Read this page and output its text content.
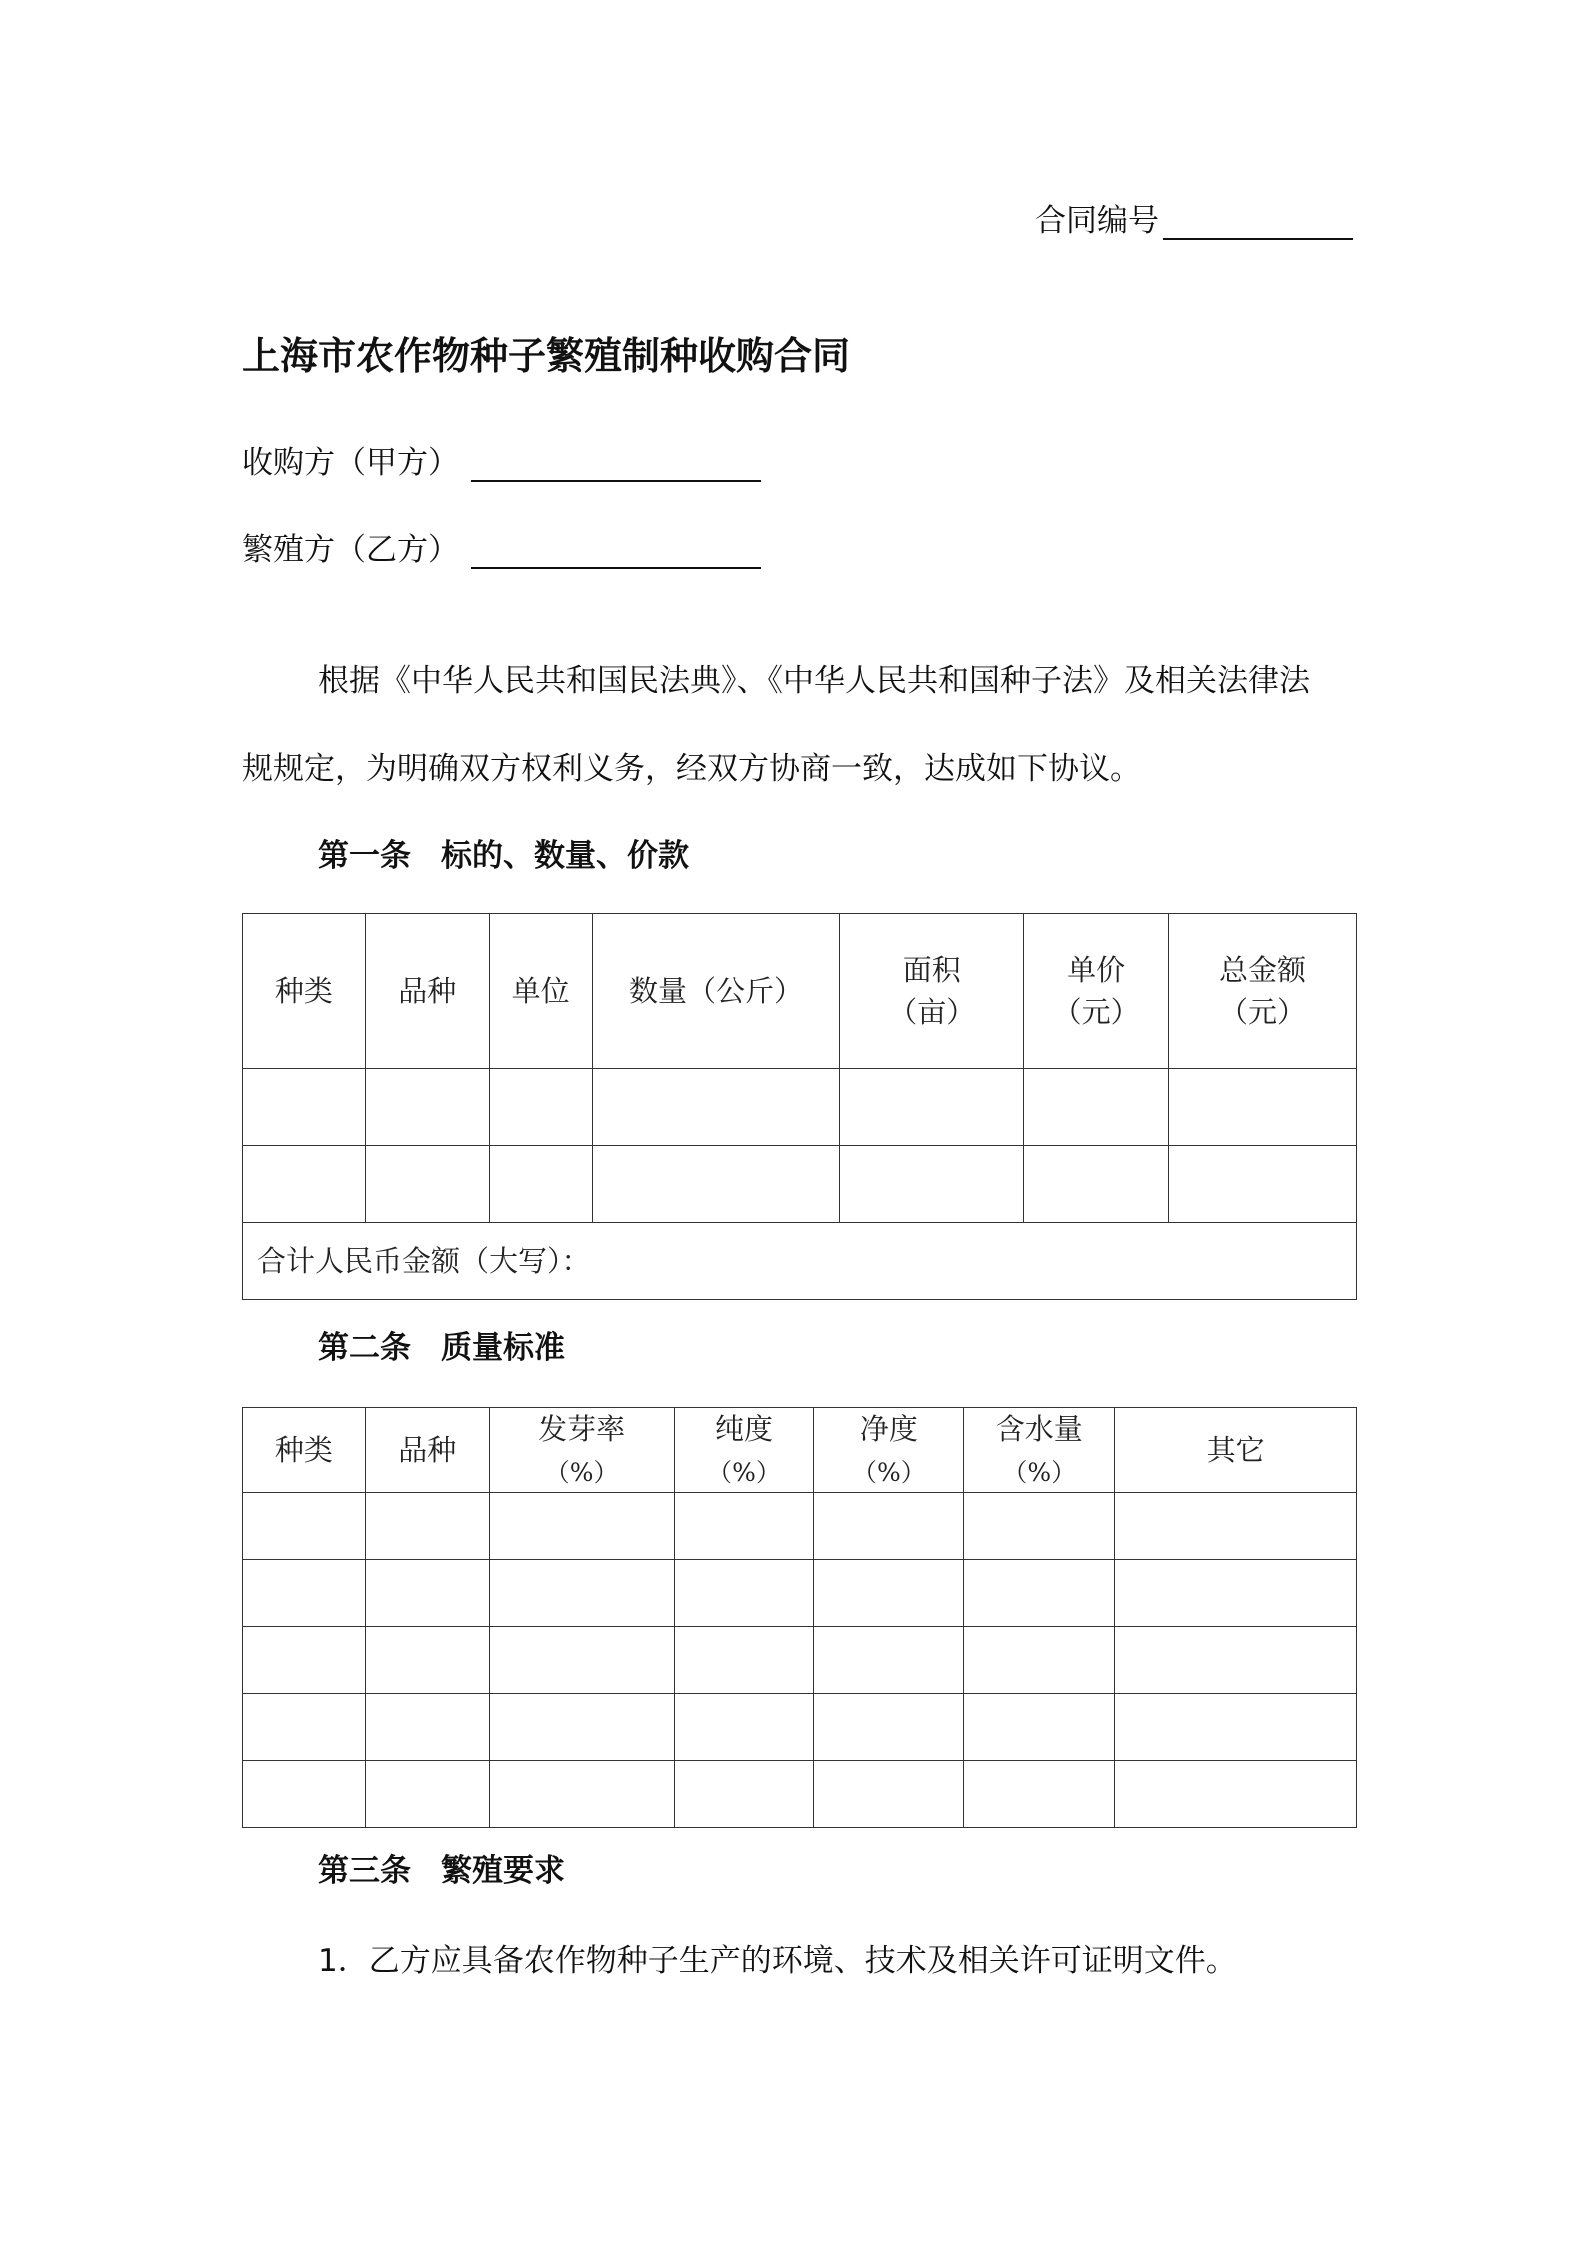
合同编号
上海市农作物种子繁殖制种收购合同
收购方（甲方）
繁殖方（乙方）
根据《中华人民共和国民法典》、《中华人民共和国种子法》及相关法律法
规规定，为明确双方权利义务，经双方协商一致，达成如下协议。
第一条 标的、数量、价款
种类	品种	单位	数量（公斤）	面积
（亩）	单价
（元）	总金额
（元）

合计人民币金额（大写）：						
第二条 质量标准
种类	品种	发芽率
（%）	纯度
（%）	净度
（%）	含水量
（%）	其它

第三条 繁殖要求
1．乙方应具备农作物种子生产的环境、技术及相关许可证明文件。
